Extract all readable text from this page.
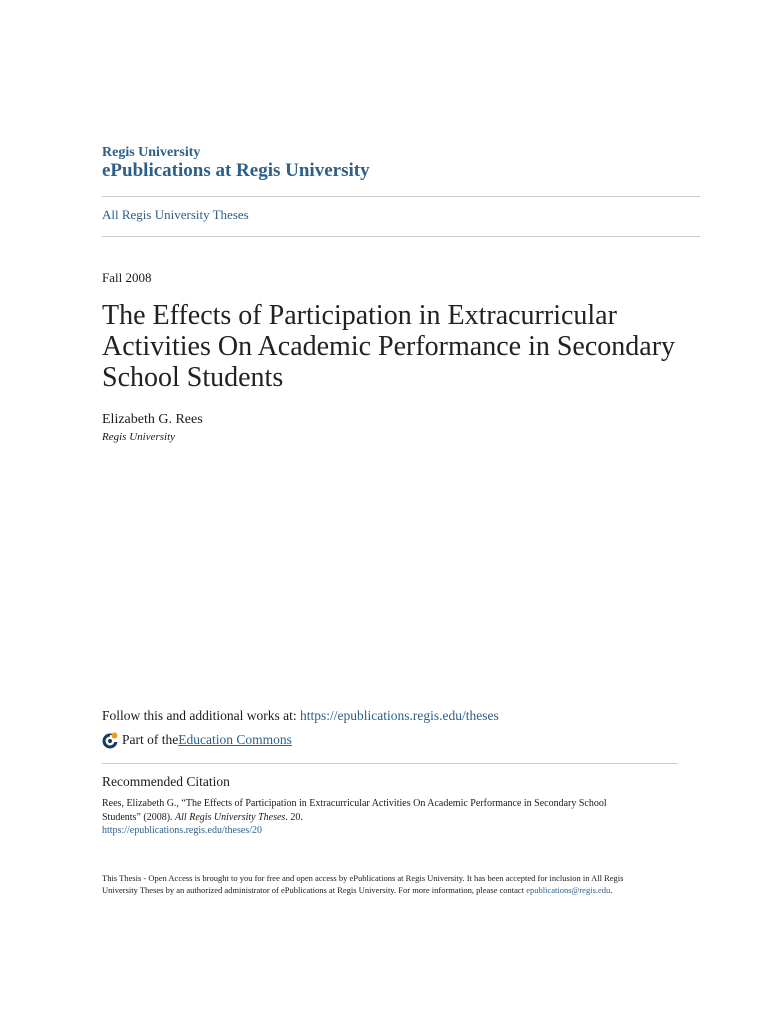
Regis University
ePublications at Regis University
All Regis University Theses
Fall 2008
The Effects of Participation in Extracurricular Activities On Academic Performance in Secondary School Students
Elizabeth G. Rees
Regis University
Follow this and additional works at: https://epublications.regis.edu/theses
Part of the Education Commons
Recommended Citation
Rees, Elizabeth G., “The Effects of Participation in Extracurricular Activities On Academic Performance in Secondary School
Students” (2008). All Regis University Theses. 20.
https://epublications.regis.edu/theses/20
This Thesis - Open Access is brought to you for free and open access by ePublications at Regis University. It has been accepted for inclusion in All Regis
University Theses by an authorized administrator of ePublications at Regis University. For more information, please contact epublications@regis.edu.
